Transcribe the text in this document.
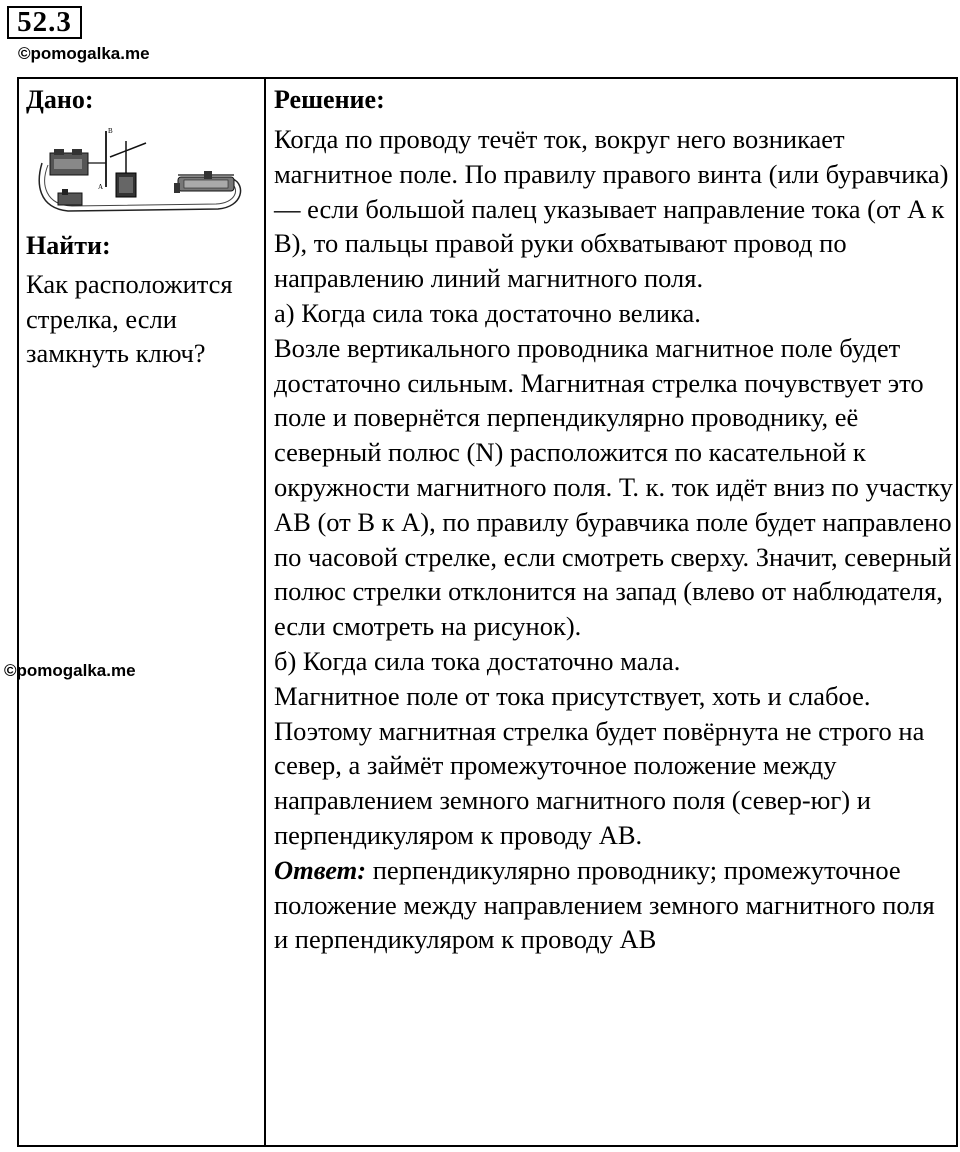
52.3
©pomogalka.me
Дано:
B
A
Найти:
Как расположится стрелка, если замкнуть ключ?
Решение:

Когда по проводу течёт ток, вокруг него возникает магнитное поле. По правилу правого винта (или буравчика) — если большой палец указывает направление тока (от A к B), то пальцы правой руки обхватывают провод по направлению линий магнитного поля.

а) Когда сила тока достаточно велика.

Возле вертикального проводника магнитное поле будет достаточно сильным. Магнитная стрелка почувствует это поле и повернётся перпендикулярно проводнику, её северный полюс (N) расположится по касательной к окружности магнитного поля. Т. к. ток идёт вниз по участку AB (от B к A), по правилу буравчика поле будет направлено по часовой стрелке, если смотреть сверху. Значит, северный полюс стрелки отклонится на запад (влево от наблюдателя, если смотреть на рисунок).

б) Когда сила тока достаточно мала.

Магнитное поле от тока присутствует, хоть и слабое. Поэтому магнитная стрелка будет повёрнута не строго на север, а займёт промежуточное положение между направлением земного магнитного поля (север-юг) и перпендикуляром к проводу AB.

Ответ: перпендикулярно проводнику; промежуточное положение между направлением земного магнитного поля и перпендикуляром к проводу AB

©pomogalka.me
